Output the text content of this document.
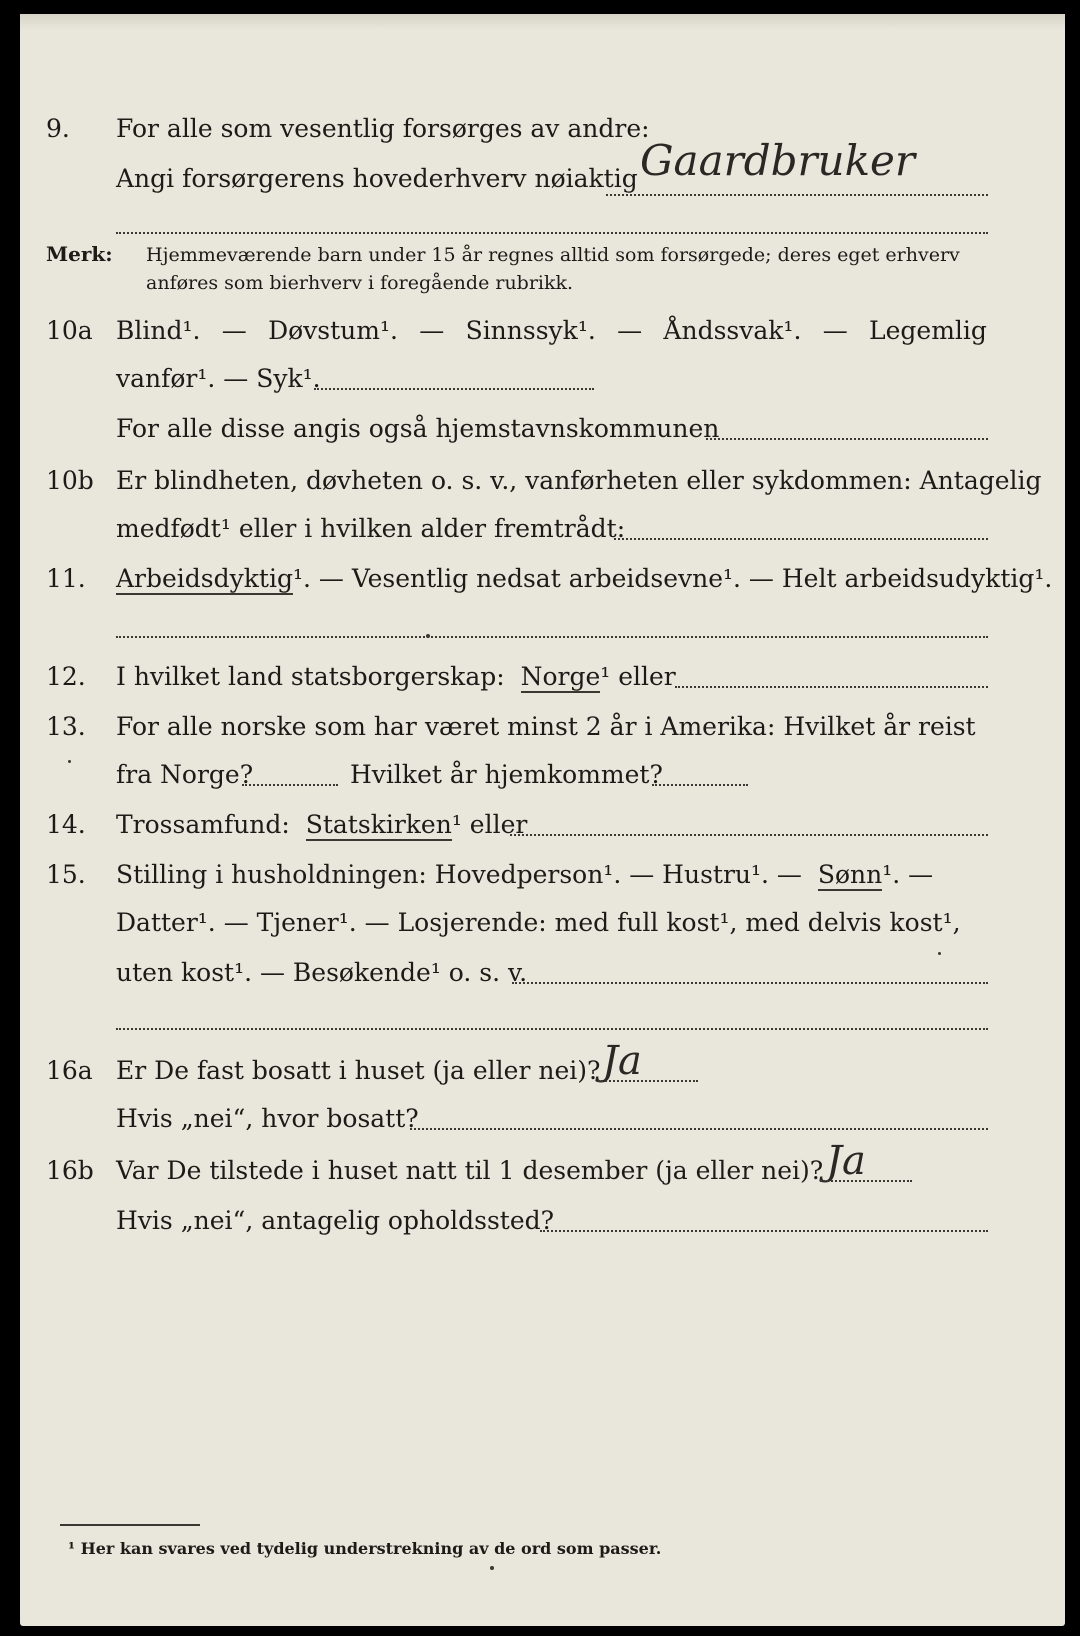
9. For alle som vesentlig forsørges av andre:
Angi forsørgerens hovederhverv nøiaktig Gaardbruker
Merk: Hjemmeværende barn under 15 år regnes alltid som forsørgede; deres eget erhverv
anføres som bierhverv i foregående rubrikk.
10a Blind¹. — Døvstum¹. — Sinnssyk¹. — Åndssvak¹. — Legemlig
vanfør¹. — Syk¹.
For alle disse angis også hjemstavnskommunen
10b Er blindheten, døvheten o. s. v., vanførheten eller sykdommen: Antagelig
medfødt¹ eller i hvilken alder fremtrådt:
11. Arbeidsdyktig¹. — Vesentlig nedsat arbeidsevne¹. — Helt arbeidsudyktig¹.
12. I hvilket land statsborgerskap: Norge¹ eller
13. For alle norske som har været minst 2 år i Amerika: Hvilket år reist
fra Norge?	Hvilket år hjemkommet?
14. Trossamfund: Statskirken¹ eller
15. Stilling i husholdningen: Hovedperson¹. — Hustru¹. — Sønn¹. —
Datter¹. — Tjener¹. — Losjerende: med full kost¹, med delvis kost¹,
uten kost¹. — Besøkende¹ o. s. v.
16a Er De fast bosatt i huset (ja eller nei)? Ja
Hvis „nei“, hvor bosatt?
16b Var De tilstede i huset natt til 1 desember (ja eller nei)? Ja
Hvis „nei“, antagelig opholdssted?
¹ Her kan svares ved tydelig understrekning av de ord som passer.
